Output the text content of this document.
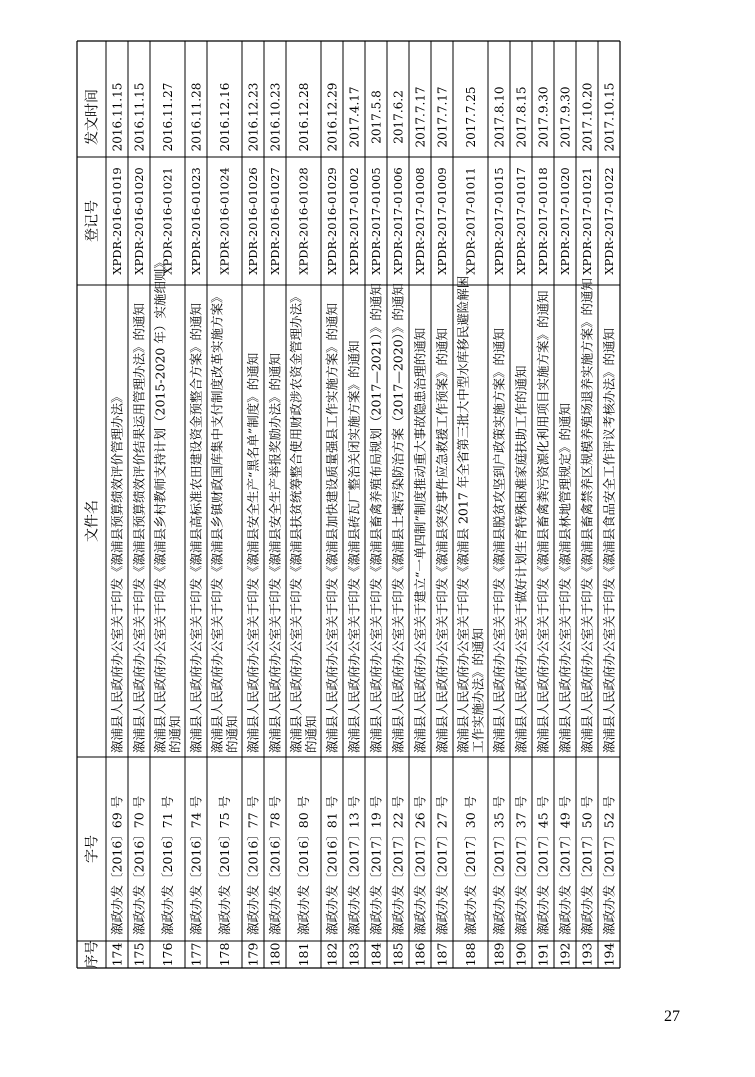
序号
字号
文件名
登记号
发文时间
174
溆政办发〔2016〕69 号
溆浦县人民政府办公室关于印发《溆浦县预算绩效评价管理办法》
XPDR-2016-01019
2016.11.15
175
溆政办发〔2016〕70 号
溆浦县人民政府办公室关于印发《溆浦县预算绩效评价结果运用管理办法》的通知
XPDR-2016-01020
2016.11.15
176
溆政办发〔2016〕71 号
溆浦县人民政府办公室关于印发《溆浦县乡村教师支持计划（2015-2020 年）实施细则》 的通知
XPDR-2016-01021
2016.11.27
177
溆政办发〔2016〕74 号
溆浦县人民政府办公室关于印发《溆浦县高标准农田建设资金预整合方案》的通知
XPDR-2016-01023
2016.11.28
178
溆政办发〔2016〕75 号
溆浦县人民政府办公室关于印发《溆浦县乡镇财政国库集中支付制度改革实施方案》 的通知
XPDR-2016-01024
2016.12.16
179
溆政办发〔2016〕77 号
溆浦县人民政府办公室关于印发《溆浦县安全生产“黑名单”制度》的通知
XPDR-2016-01026
2016.12.23
180
溆政办发〔2016〕78 号
溆浦县人民政府办公室关于印发《溆浦县安全生产举报奖励办法》的通知
XPDR-2016-01027
2016.10.23
181
溆政办发〔2016〕80 号
溆浦县人民政府办公室关于印发《溆浦县扶贫统筹整合使用财政涉农资金管理办法》 的通知
XPDR-2016-01028
2016.12.28
182
溆政办发〔2016〕81 号
溆浦县人民政府办公室关于印发《溆浦县加快建设质量强县工作实施方案》的通知
XPDR-2016-01029
2016.12.29
183
溆政办发〔2017〕13 号
溆浦县人民政府办公室关于印发《溆浦县砖瓦厂整治关闭实施方案》的通知
XPDR-2017-01002
2017.4.17
184
溆政办发〔2017〕19 号
溆浦县人民政府办公室关于印发《溆浦县畜禽养殖布局规划（2017—2021）》的通知
XPDR-2017-01005
2017.5.8
185
溆政办发〔2017〕22 号
溆浦县人民政府办公室关于印发《溆浦县土壤污染防治方案（2017—2020）》的通知
XPDR-2017-01006
2017.6.2
186
溆政办发〔2017〕26 号
溆浦县人民政府办公室关于建立“一单四制”制度推动重大事故隐患治理的通知
XPDR-2017-01008
2017.7.17
187
溆政办发〔2017〕27 号
溆浦县人民政府办公室关于印发《溆浦县突发事件应急救援工作预案》的通知
XPDR-2017-01009
2017.7.17
188
溆政办发〔2017〕30 号
溆浦县人民政府办公室关于印发《溆浦县 2017 年全省第三批大中型水库移民避险解困 工作实施办法》的通知
XPDR-2017-01011
2017.7.25
189
溆政办发〔2017〕35 号
溆浦县人民政府办公室关于印发《溆浦县脱贫攻坚到户政策实施方案》的通知
XPDR-2017-01015
2017.8.10
190
溆政办发〔2017〕37 号
溆浦县人民政府办公室关于做好计划生育特殊困难家庭扶助工作的通知
XPDR-2017-01017
2017.8.15
191
溆政办发〔2017〕45 号
溆浦县人民政府办公室关于印发《溆浦县畜禽粪污资源化利用项目实施方案》的通知
XPDR-2017-01018
2017.9.30
192
溆政办发〔2017〕49 号
溆浦县人民政府办公室关于印发《溆浦县林地管理规定》的通知
XPDR-2017-01020
2017.9.30
193
溆政办发〔2017〕50 号
溆浦县人民政府办公室关于印发《溆浦县畜禽禁养区规模养殖场退养实施方案》的通知
XPDR-2017-01021
2017.10.20
194
溆政办发〔2017〕52 号
溆浦县人民政府办公室关于印发《溆浦县食品安全工作评议考核办法》的通知
XPDR-2017-01022
2017.10.15
27
